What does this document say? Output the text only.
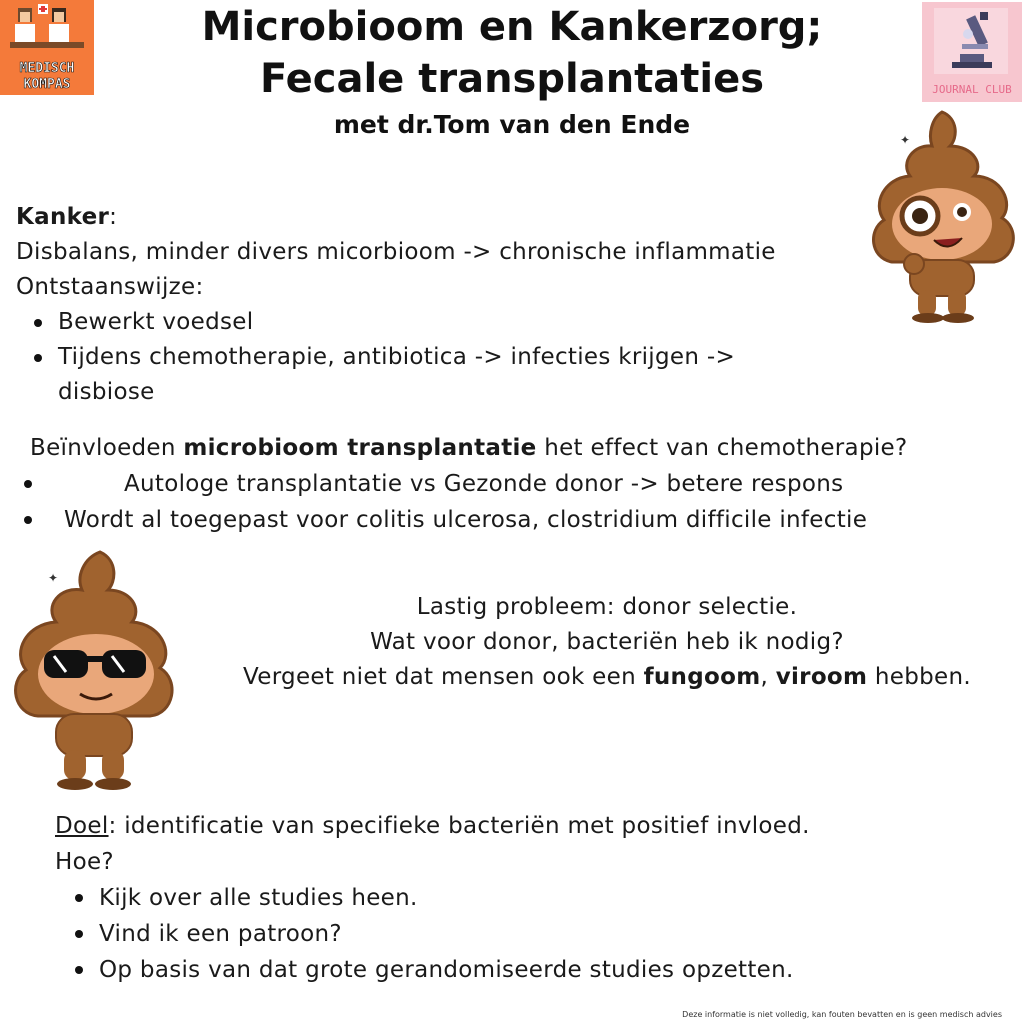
MEDISCH
KOMPAS	JOURNAL CLUB
Microbioom en Kankerzorg;
Fecale transplantaties
met dr.Tom van den Ende
✦
Kanker:
Disbalans, minder divers micorbioom -> chronische inflammatie
Ontstaanswijze:
Bewerkt voedsel
Tijdens chemotherapie, antibiotica -> infecties krijgen ->
disbiose
Beïnvloeden microbioom transplantatie het effect van chemotherapie?
Autologe transplantatie vs Gezonde donor -> betere respons
Wordt al toegepast voor colitis ulcerosa, clostridium difficile infectie
✦
Lastig probleem: donor selectie.
Wat voor donor, bacteriën heb ik nodig?
Vergeet niet dat mensen ook een fungoom, viroom hebben.
Doel: identificatie van specifieke bacteriën met positief invloed.
Hoe?
Kijk over alle studies heen.
Vind ik een patroon?
Op basis van dat grote gerandomiseerde studies opzetten.
Deze informatie is niet volledig, kan fouten bevatten en is geen medisch advies
